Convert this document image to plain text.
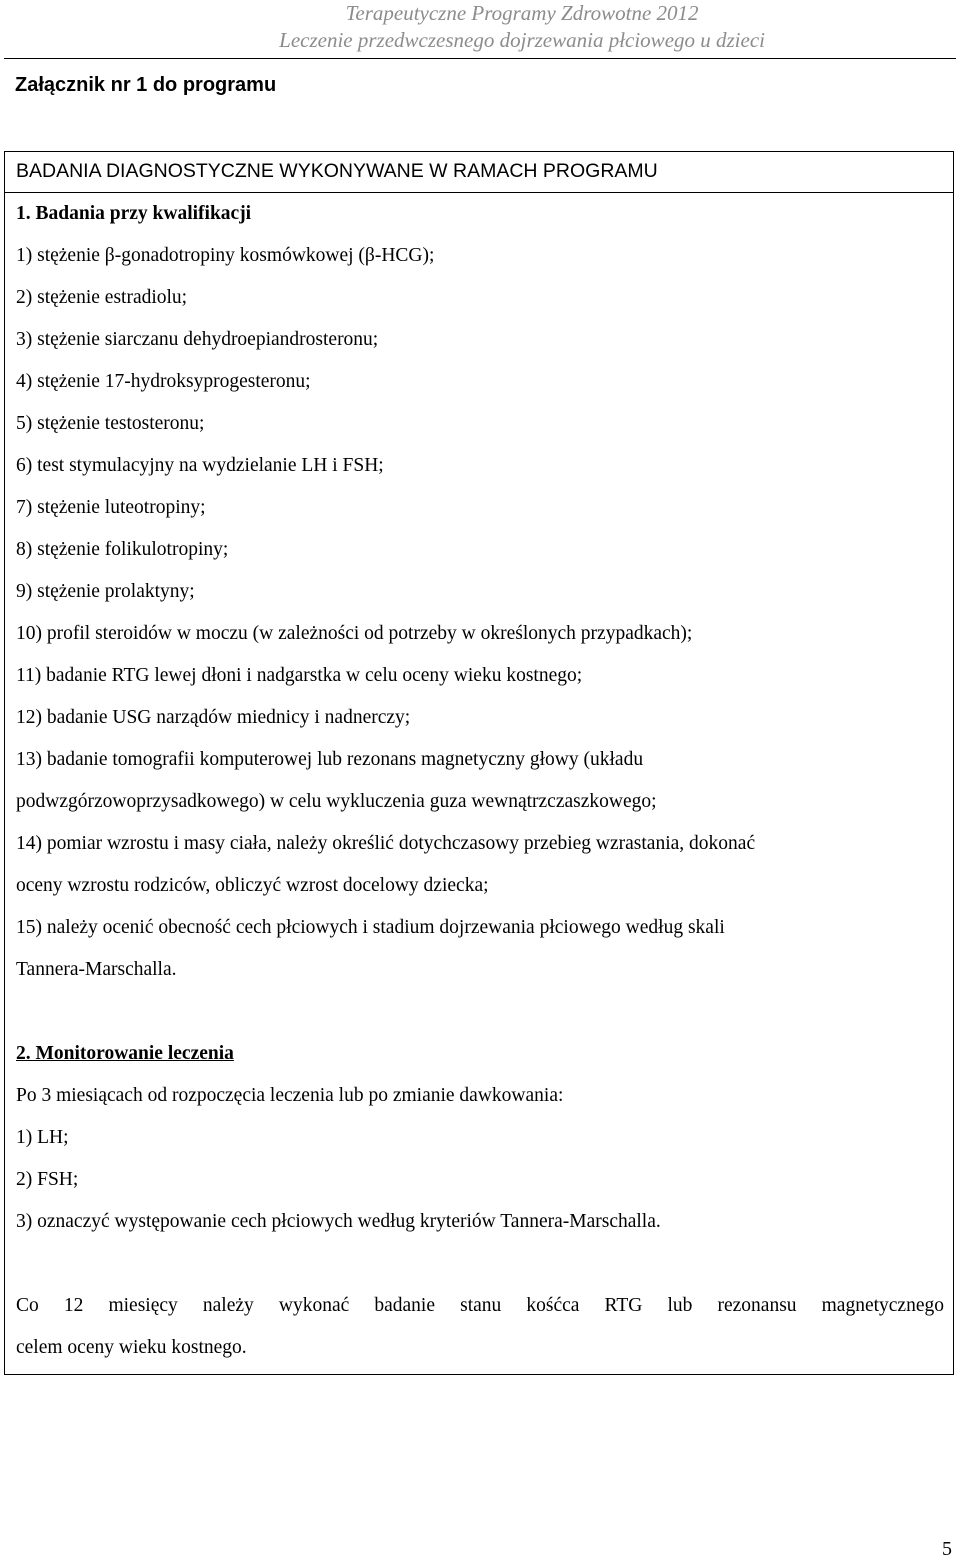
Terapeutyczne Programy Zdrowotne 2012
Leczenie przedwczesnego dojrzewania płciowego u dzieci
Załącznik nr 1 do programu
BADANIA DIAGNOSTYCZNE WYKONYWANE W RAMACH PROGRAMU
1. Badania przy kwalifikacji
1) stężenie β-gonadotropiny kosmówkowej (β-HCG);
2) stężenie estradiolu;
3) stężenie siarczanu dehydroepiandrosteronu;
4) stężenie 17-hydroksyprogesteronu;
5) stężenie testosteronu;
6) test stymulacyjny na wydzielanie LH i FSH;
7) stężenie luteotropiny;
8) stężenie folikulotropiny;
9) stężenie prolaktyny;
10) profil steroidów w moczu (w zależności od potrzeby w określonych przypadkach);
11) badanie RTG lewej dłoni i nadgarstka w celu oceny wieku kostnego;
12) badanie USG narządów miednicy i nadnerczy;
13) badanie tomografii komputerowej lub rezonans magnetyczny głowy (układu
podwzgórzowoprzysadkowego) w celu wykluczenia guza wewnątrzczaszkowego;
14) pomiar wzrostu i masy ciała, należy określić dotychczasowy przebieg wzrastania, dokonać
oceny wzrostu rodziców, obliczyć wzrost docelowy dziecka;
15) należy ocenić obecność cech płciowych i stadium dojrzewania płciowego według skali
Tannera-Marschalla.
2. Monitorowanie leczenia
Po 3 miesiącach od rozpoczęcia leczenia lub po zmianie dawkowania:
1) LH;
2) FSH;
3) oznaczyć występowanie cech płciowych według kryteriów Tannera-Marschalla.
Co 12 miesięcy należy wykonać badanie stanu kośćca RTG lub rezonansu magnetycznego
celem oceny wieku kostnego.
5
